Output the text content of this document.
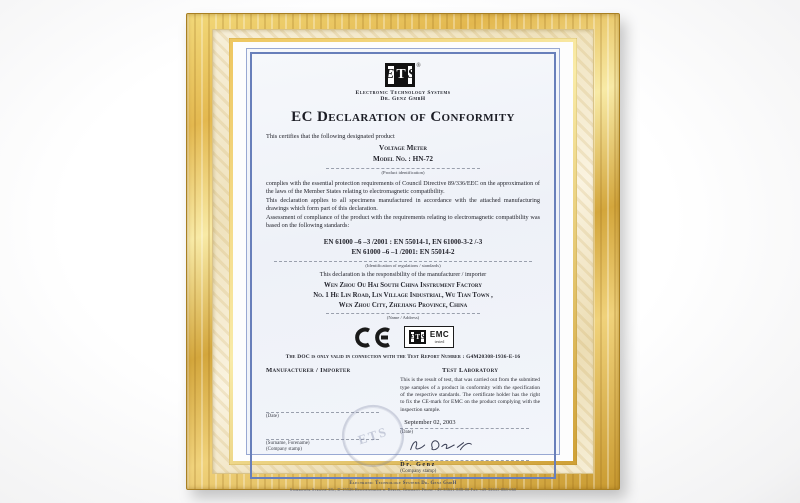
E T S
®
Electronic Technology Systems
Dr. Genz GmbH
EC Declaration of Conformity
This certifies that the following designated product
Voltage Meter
Model No. : HN-72
(Product identification)

complies with the essential protection requirements of Council Directive 89/336/EEC on the approximation of the laws of the Member States relating to electromagnetic compatibility.

This declaration applies to all specimens manufactured in accordance with the attached manufacturing drawings which form part of this declaration.

Assessment of compliance of the product with the requirements relating to electromagnetic compatibility was based on the following standards:

EN 61000 –6 –3 /2001 : EN 55014-1, EN 61000-3-2 /-3
EN 61000 –6 –1 /2001: EN 55014-2
(Identification of regulations / standards)
This declaration is the responsibility of the manufacturer / importer
Wen Zhou Ou Hai South China Instrument Factory
No. 1 He Lin Road, Lin Village Industrial, Wu Tian Town ,
Wen Zhou City, Zhejiang Province, China
(Name / Address)
E T S EMC
tested
The DOC is only valid in connection with the Test Report Number : G4M20308-1936-E-16
Manufacturer / Importer
(Date)
(Surname, Forename)
(Company stamp)
Test Laboratory
This is the result of test, that was carried out from the submitted type samples of a product in conformity with the specification of the respective standards. The certificate holder has the right to fix the CE-mark for EMC on the product complying with the inspection sample.
September 02, 2003
(Date)
Dr. Genz
(Company stamp)
ETS
Electronic Technology Systems Dr. Genz GmbH
Storkower Strasse 38c, D-15526 Reichenwalde b. Berlin, Germany Phone +49-33631-888-08 Fax +49-33631-888-060
